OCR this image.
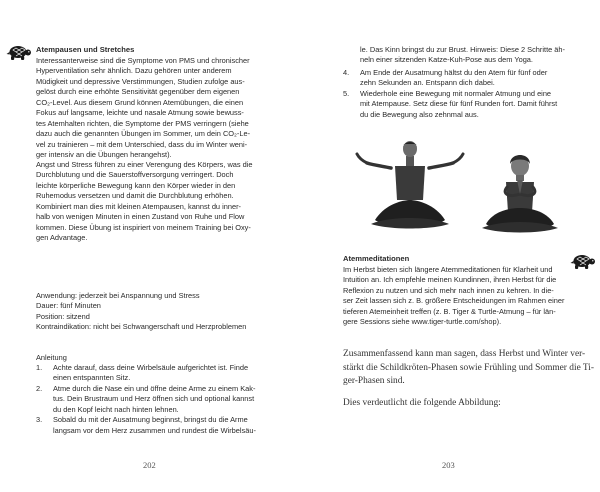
Atempausen und Stretches
Interessanterweise sind die Symptome von PMS und chronischer
Hyperventilation sehr ähnlich. Dazu gehören unter anderem
Müdigkeit und depressive Verstimmungen, Studien zufolge aus-
gelöst durch eine erhöhte Sensitivität gegenüber dem eigenen
CO₂-Level. Aus diesem Grund können Atemübungen, die einen
Fokus auf langsame, leichte und nasale Atmung sowie bewuss-
tes Atemhalten richten, die Symptome der PMS verringern (siehe
dazu auch die genannten Übungen im Sommer, um dein CO₂-Le-
vel zu trainieren – mit dem Unterschied, dass du im Winter weni-
ger intensiv an die Übungen herangehst).
Angst und Stress führen zu einer Verengung des Körpers, was die
Durchblutung und die Sauerstoffversorgung verringert. Doch
leichte körperliche Bewegung kann den Körper wieder in den
Ruhemodus versetzen und damit die Durchblutung erhöhen.
Kombiniert man dies mit kleinen Atempausen, kannst du inner-
halb von wenigen Minuten in einen Zustand von Ruhe und Flow
kommen. Diese Übung ist inspiriert von meinem Training bei Oxy-
gen Advantage.
Anwendung: jederzeit bei Anspannung und Stress
Dauer: fünf Minuten
Position: sitzend
Kontraindikation: nicht bei Schwangerschaft und Herzproblemen
Anleitung
1. Achte darauf, dass deine Wirbelsäule aufgerichtet ist. Finde
einen entspannten Sitz.
2. Atme durch die Nase ein und öffne deine Arme zu einem Kak-
tus. Dein Brustraum und Herz öffnen sich und optional kannst
du den Kopf leicht nach hinten lehnen.
3. Sobald du mit der Ausatmung beginnst, bringst du die Arme
langsam vor dem Herz zusammen und rundest die Wirbelsäu-
202
le. Das Kinn bringst du zur Brust. Hinweis: Diese 2 Schritte äh-
neln einer sitzenden Katze-Kuh-Pose aus dem Yoga.
4. Am Ende der Ausatmung hältst du den Atem für fünf oder
zehn Sekunden an. Entspann dich dabei.
5. Wiederhole eine Bewegung mit normaler Atmung und eine
mit Atempause. Setz diese für fünf Runden fort. Damit führst
du die Bewegung also zehnmal aus.
Atemmeditationen
Im Herbst bieten sich längere Atemmeditationen für Klarheit und
Intuition an. Ich empfehle meinen Kundinnen, ihren Herbst für die
Reflexion zu nutzen und sich mehr nach innen zu kehren. In die-
ser Zeit lassen sich z. B. größere Entscheidungen im Rahmen einer
tieferen Atemeinheit treffen (z. B. Tiger & Turtle-Atmung – für län-
gere Sessions siehe www.tiger-turtle.com/shop).
Zusammenfassend kann man sagen, dass Herbst und Winter ver-
stärkt die Schildkröten-Phasen sowie Frühling und Sommer die Ti-
ger-Phasen sind.
Dies verdeutlicht die folgende Abbildung:
203
